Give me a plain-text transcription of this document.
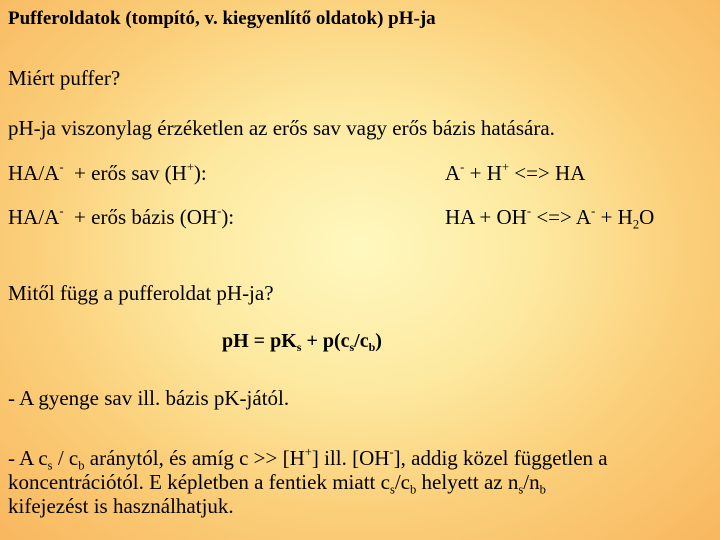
Pufferoldatok (tompító, v. kiegyenlítő oldatok) pH-ja
Miért puffer?
pH-ja viszonylag érzéketlen az erős sav vagy erős bázis hatására.
HA/A-  + erős sav (H+):	A- + H+ <=> HA
HA/A-  + erős bázis (OH-):	HA + OH- <=> $A^- + H_2O$
Mitől függ a pufferoldat pH-ja?
pH = $pK_s + p(c_s/c_b)$
- A gyenge sav ill. bázis pK-jától.
- A $c_s / c_b$ aránytól, és amíg c >> [H+] ill. [OH-], addig közel független a
koncentrációtól. E képletben a fentiek miatt $c_s/c_b$ helyett az $n_s/n_b$
kifejezést is használhatjuk.
